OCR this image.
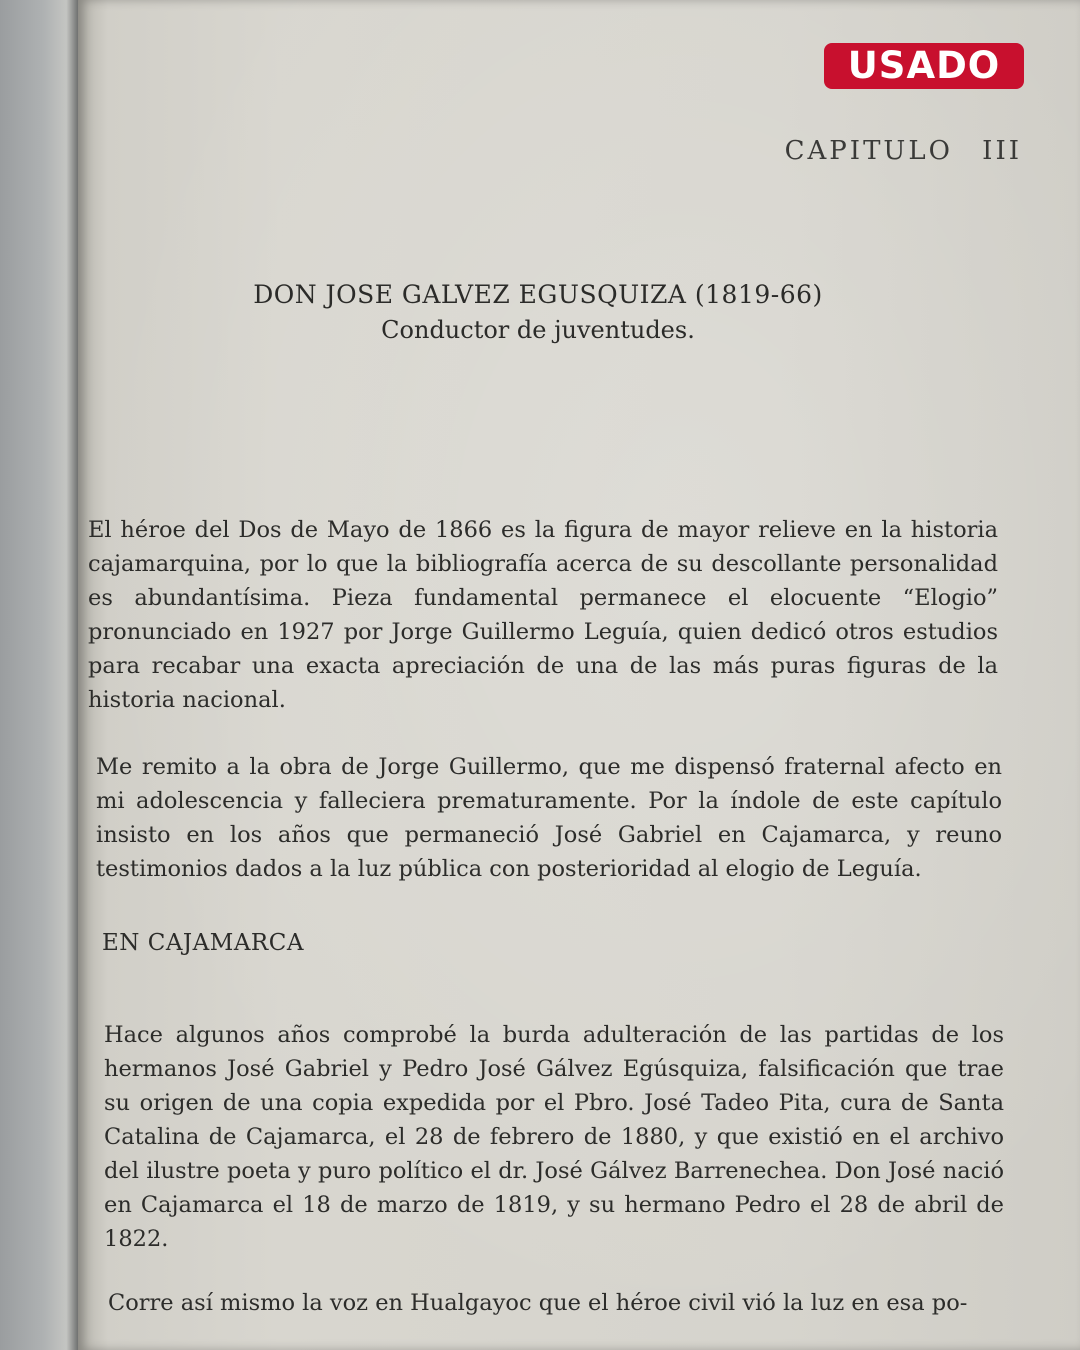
USADO
CAPITULO III
DON JOSE GALVEZ EGUSQUIZA (1819-66)
Conductor de juventudes.

El héroe del Dos de Mayo de 1866 es la figura de mayor relieve en la historia cajamarquina, por lo que la bibliografía acerca de su descollante personalidad es abundantísima. Pieza fundamental permanece el elocuente “Elogio” pronunciado en 1927 por Jorge Guillermo Leguía, quien dedicó otros estudios para recabar una exacta apreciación de una de las más puras figuras de la historia nacional.

Me remito a la obra de Jorge Guillermo, que me dispensó fraternal afecto en mi adolescencia y falleciera prematuramente. Por la índole de este capítulo insisto en los años que permaneció José Gabriel en Cajamarca, y reuno testimonios dados a la luz pública con posterioridad al elogio de Leguía.

EN CAJAMARCA

Hace algunos años comprobé la burda adulteración de las partidas de los hermanos José Gabriel y Pedro José Gálvez Egúsquiza, falsificación que trae su origen de una copia expedida por el Pbro. José Tadeo Pita, cura de Santa Catalina de Cajamarca, el 28 de febrero de 1880, y que existió en el archivo del ilustre poeta y puro político el dr. José Gálvez Barrenechea. Don José nació en Cajamarca el 18 de marzo de 1819, y su hermano Pedro el 28 de abril de 1822.

Corre así mismo la voz en Hualgayoc que el héroe civil vió la luz en esa po-
